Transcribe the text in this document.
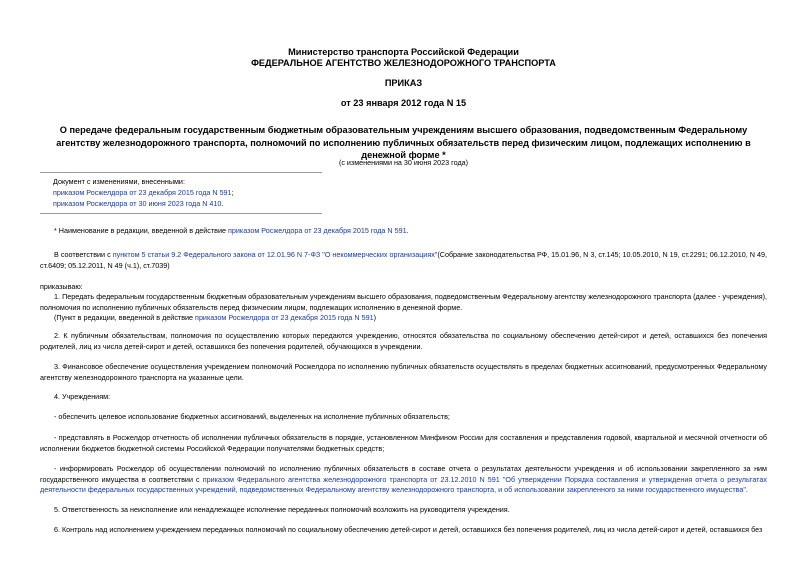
Министерство транспорта Российской Федерации
ФЕДЕРАЛЬНОЕ АГЕНТСТВО ЖЕЛЕЗНОДОРОЖНОГО ТРАНСПОРТА
ПРИКАЗ
от 23 января 2012 года N 15
О передаче федеральным государственным бюджетным образовательным учреждениям высшего образования, подведомственным Федеральному агентству железнодорожного транспорта, полномочий по исполнению публичных обязательств перед физическим лицом, подлежащих исполнению в денежной форме *
(с изменениями на 30 июня 2023 года)
Документ с изменениями, внесенными:
приказом Росжелдора от 23 декабря 2015 года N 591;
приказом Росжелдора от 30 июня 2023 года N 410.
* Наименование в редакции, введенной в действие приказом Росжелдора от 23 декабря 2015 года N 591.
В соответствии с пунктом 5 статьи 9.2 Федерального закона от 12.01.96 N 7-ФЗ "О некоммерческих организациях"(Собрание законодательства РФ, 15.01.96, N 3, ст.145; 10.05.2010, N 19, ст.2291; 06.12.2010, N 49, ст.6409; 05.12.2011, N 49 (ч.1), ст.7039)
приказываю:
1. Передать федеральным государственным бюджетным образовательным учреждениям высшего образования, подведомственным Федеральному агентству железнодорожного транспорта (далее - учреждения), полномочия по исполнению публичных обязательств перед физическим лицом, подлежащих исполнению в денежной форме.
(Пункт в редакции, введенной в действие приказом Росжелдора от 23 декабря 2015 года N 591)
2. К публичным обязательствам, полномочия по осуществлению которых передаются учреждению, относятся обязательства по социальному обеспечению детей-сирот и детей, оставшихся без попечения родителей, лиц из числа детей-сирот и детей, оставшихся без попечения родителей, обучающихся в учреждении.
3. Финансовое обеспечение осуществления учреждением полномочий Росжелдора по исполнению публичных обязательств осуществлять в пределах бюджетных ассигнований, предусмотренных Федеральному агентству железнодорожного транспорта на указанные цели.
4. Учреждениям:
- обеспечить целевое использование бюджетных ассигнований, выделенных на исполнение публичных обязательств;
- представлять в Росжелдор отчетность об исполнении публичных обязательств в порядке, установленном Минфином России для составления и представления годовой, квартальной и месячной отчетности об исполнении бюджетов бюджетной системы Российской Федерации получателями бюджетных средств;
- информировать Росжелдор об осуществлении полномочий по исполнению публичных обязательств в составе отчета о результатах деятельности учреждения и об использовании закрепленного за ним государственного имущества в соответствии с приказом Федерального агентства железнодорожного транспорта от 23.12.2010 N 591 "Об утверждении Порядка составления и утверждения отчета о результатах деятельности федеральных государственных учреждений, подведомственных Федеральному агентству железнодорожного транспорта, и об использовании закрепленного за ними государственного имущества".
5. Ответственность за неисполнение или ненадлежащее исполнение переданных полномочий возложить на руководителя учреждения.
6. Контроль над исполнением учреждением переданных полномочий по социальному обеспечению детей-сирот и детей, оставшихся без попечения родителей, лиц из числа детей-сирот и детей, оставшихся без
